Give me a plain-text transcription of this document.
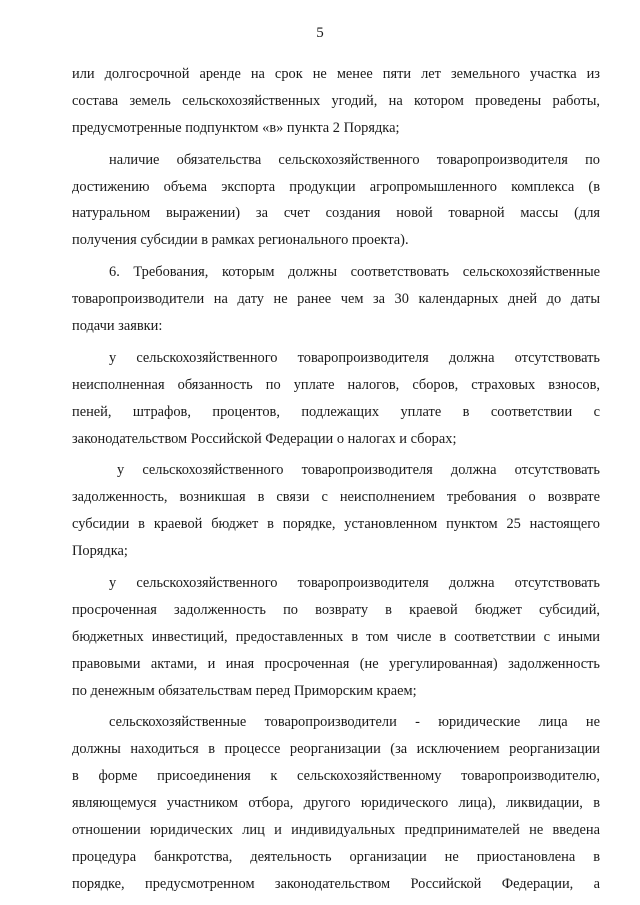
5
или долгосрочной аренде на срок не менее пяти лет земельного участка из
состава земель сельскохозяйственных угодий, на котором проведены работы,
предусмотренные подпунктом «в» пункта 2 Порядка;
наличие обязательства сельскохозяйственного товаропроизводителя по
достижению объема экспорта продукции агропромышленного комплекса (в
натуральном выражении) за счет создания новой товарной массы (для
получения субсидии в рамках регионального проекта).
6. Требования, которым должны соответствовать сельскохозяйственные
товаропроизводители на дату не ранее чем за 30 календарных дней до даты
подачи заявки:
у сельскохозяйственного товаропроизводителя должна отсутствовать
неисполненная обязанность по уплате налогов, сборов, страховых взносов,
пеней, штрафов, процентов, подлежащих уплате в соответствии с
законодательством Российской Федерации о налогах и сборах;
у сельскохозяйственного товаропроизводителя должна отсутствовать
задолженность, возникшая в связи с неисполнением требования о возврате
субсидии в краевой бюджет в порядке, установленном пунктом 25 настоящего
Порядка;
у сельскохозяйственного товаропроизводителя должна отсутствовать
просроченная задолженность по возврату в краевой бюджет субсидий,
бюджетных инвестиций, предоставленных в том числе в соответствии с иными
правовыми актами, и иная просроченная (не урегулированная) задолженность
по денежным обязательствам перед Приморским краем;
сельскохозяйственные товаропроизводители - юридические лица не
должны находиться в процессе реорганизации (за исключением реорганизации
в форме присоединения к сельскохозяйственному товаропроизводителю,
являющемуся участником отбора, другого юридического лица), ликвидации, в
отношении юридических лиц и индивидуальных предпринимателей не введена
процедура банкротства, деятельность организации не приостановлена в
порядке, предусмотренном законодательством Российской Федерации, а
